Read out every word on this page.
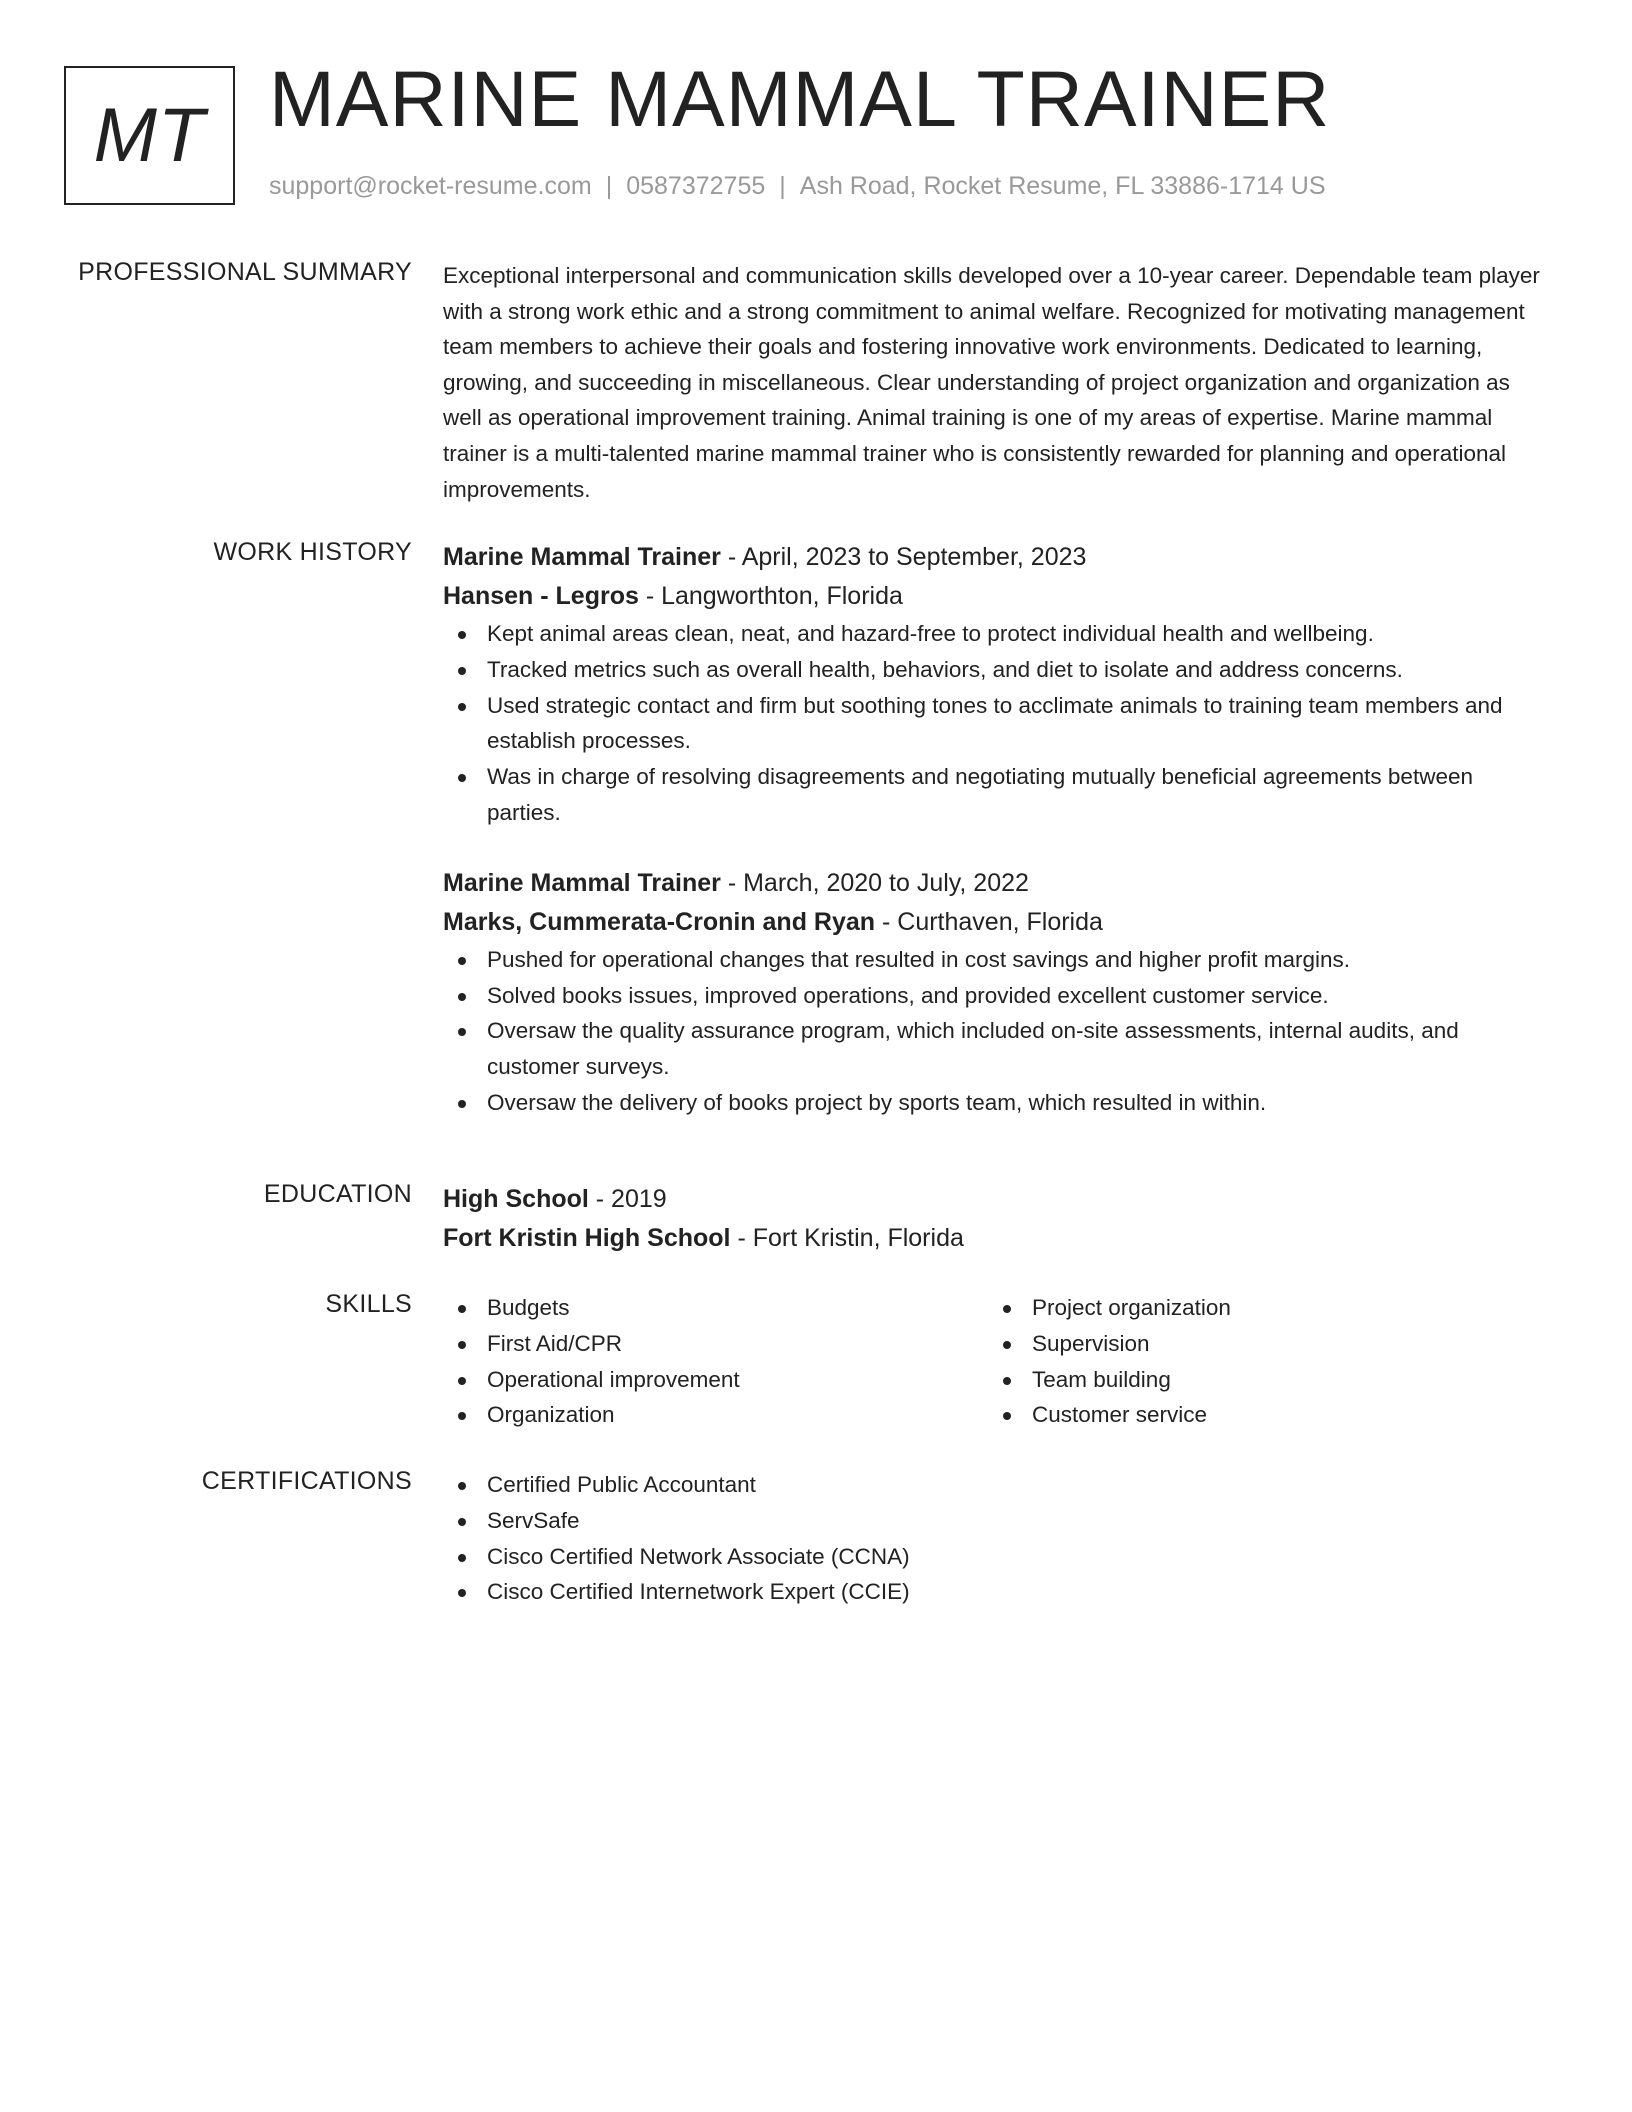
MT MARINE MAMMAL TRAINER
support@rocket-resume.com | 0587372755 | Ash Road, Rocket Resume, FL 33886-1714 US
PROFESSIONAL SUMMARY Exceptional interpersonal and communication skills developed over a 10-year career. Dependable team player with a strong work ethic and a strong commitment to animal welfare. Recognized for motivating management team members to achieve their goals and fostering innovative work environments. Dedicated to learning, growing, and succeeding in miscellaneous. Clear understanding of project organization and organization as well as operational improvement training. Animal training is one of my areas of expertise. Marine mammal trainer is a multi-talented marine mammal trainer who is consistently rewarded for planning and operational improvements.

WORK HISTORY Marine Mammal Trainer - April, 2023 to September, 2023
Hansen - Legros - Langworthton, Florida
Kept animal areas clean, neat, and hazard-free to protect individual health and wellbeing.
Tracked metrics such as overall health, behaviors, and diet to isolate and address concerns.
Used strategic contact and firm but soothing tones to acclimate animals to training team members and establish processes.
Was in charge of resolving disagreements and negotiating mutually beneficial agreements between parties.
Marine Mammal Trainer - March, 2020 to July, 2022
Marks, Cummerata-Cronin and Ryan - Curthaven, Florida
Pushed for operational changes that resulted in cost savings and higher profit margins.
Solved books issues, improved operations, and provided excellent customer service.
Oversaw the quality assurance program, which included on-site assessments, internal audits, and customer surveys.
Oversaw the delivery of books project by sports team, which resulted in within.
EDUCATION High School - 2019
Fort Kristin High School - Fort Kristin, Florida
SKILLS	Budgets
First Aid/CPR
Operational improvement
Organization
Project organization
Supervision
Team building
Customer service
CERTIFICATIONS	Certified Public Accountant
ServSafe
Cisco Certified Network Associate (CCNA)
Cisco Certified Internetwork Expert (CCIE)
